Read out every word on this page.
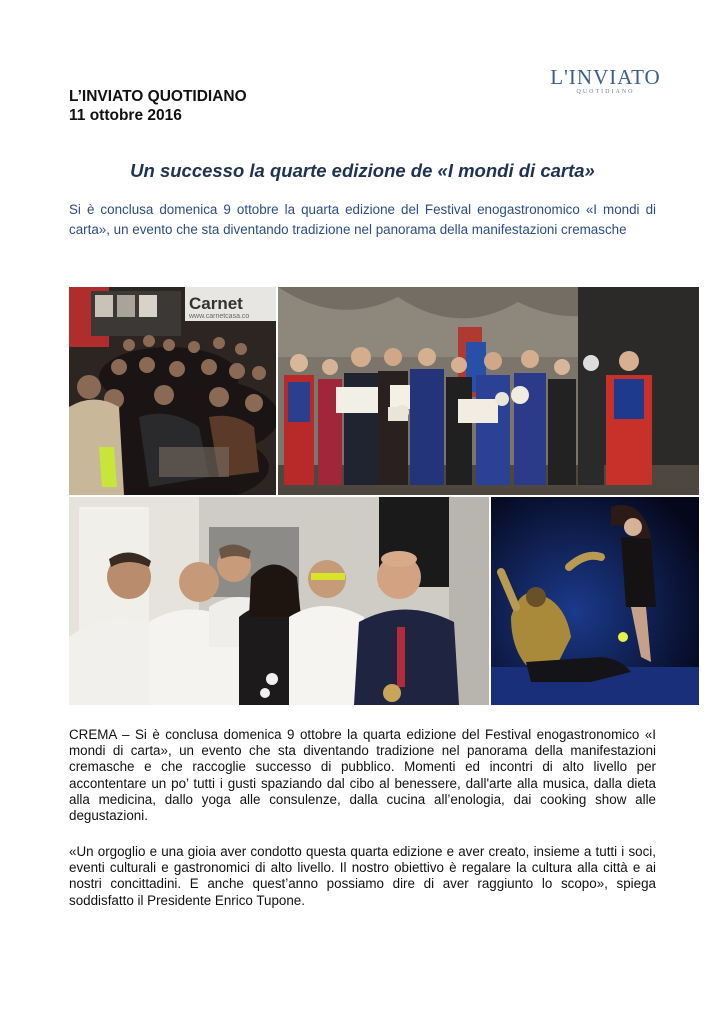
L'INVIATO
QUOTIDIANO
L’INVIATO QUOTIDIANO
11 ottobre 2016
Un successo la quarte edizione de «I mondi di carta»
Si è conclusa domenica 9 ottobre la quarta edizione del Festival enogastronomico «I mondi di carta», un evento che sta diventando tradizione nel panorama della manifestazioni cremasche
Carnet
www.carnetcasa.co
CREMA – Si è conclusa domenica 9 ottobre la quarta edizione del Festival enogastronomico «I mondi di carta», un evento che sta diventando tradizione nel panorama della manifestazioni cremasche e che raccoglie successo di pubblico. Momenti ed incontri di alto livello per accontentare un po’ tutti i gusti spaziando dal cibo al benessere, dall'arte alla musica, dalla dieta alla medicina, dallo yoga alle consulenze, dalla cucina all’enologia, dai cooking show alle degustazioni.
«Un orgoglio e una gioia aver condotto questa quarta edizione e aver creato, insieme a tutti i soci, eventi culturali e gastronomici di alto livello. Il nostro obiettivo è regalare la cultura alla città e ai nostri concittadini. E anche quest’anno possiamo dire di aver raggiunto lo scopo», spiega soddisfatto il Presidente Enrico Tupone.
